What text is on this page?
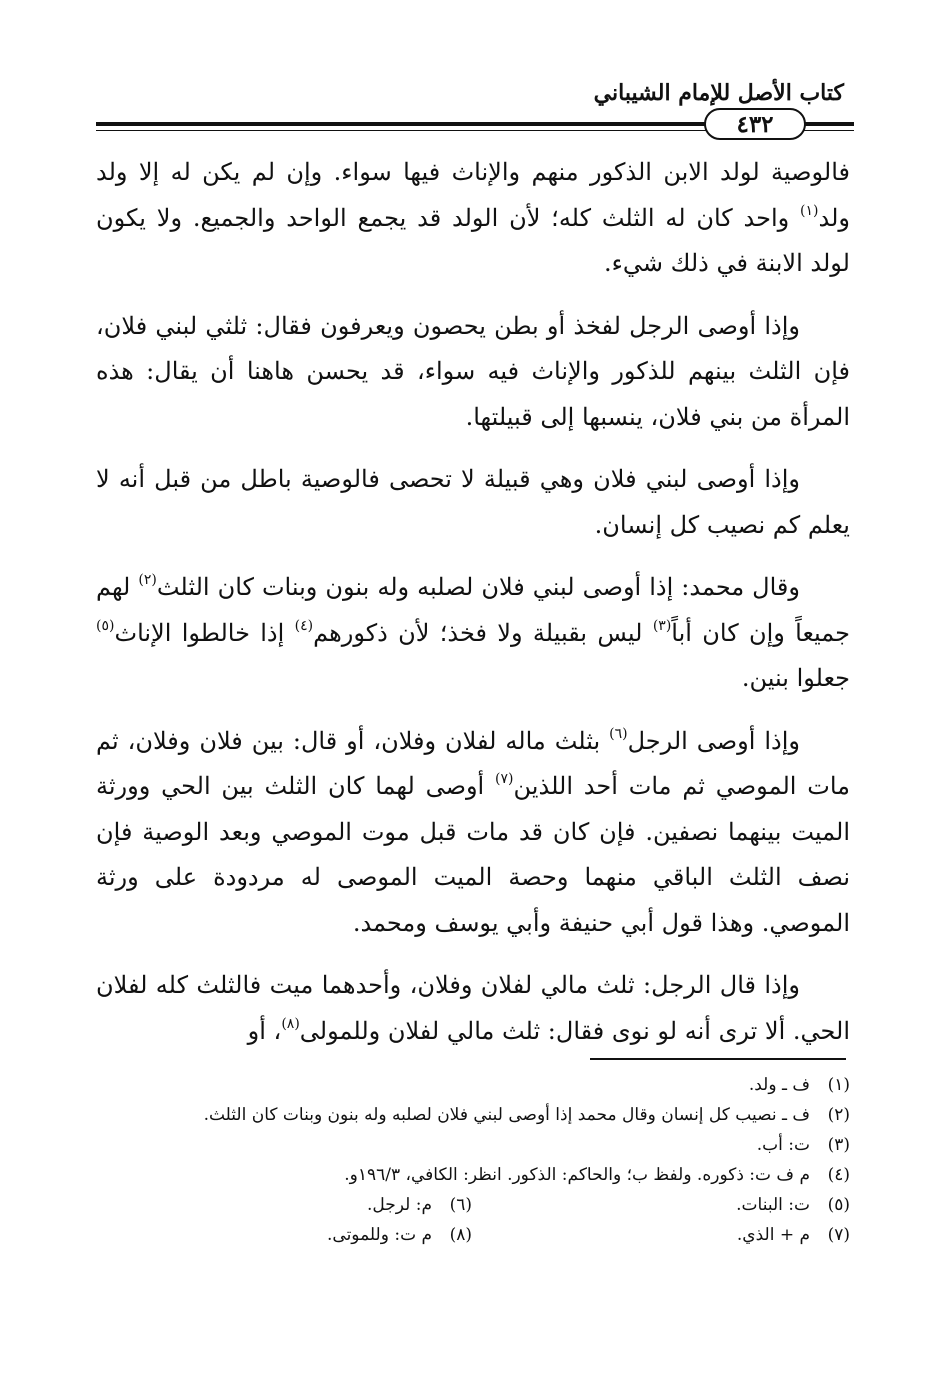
كتاب الأصل للإمام الشيباني
٤٣٢

فالوصية لولد الابن الذكور منهم والإناث فيها سواء. وإن لم يكن له إلا ولد ولد$^{(١)}$ واحد كان له الثلث كله؛ لأن الولد قد يجمع الواحد والجميع. ولا يكون لولد الابنة في ذلك شيء.

وإذا أوصى الرجل لفخذ أو بطن يحصون ويعرفون فقال: ثلثي لبني فلان، فإن الثلث بينهم للذكور والإناث فيه سواء، قد يحسن هاهنا أن يقال: هذه المرأة من بني فلان، ينسبها إلى قبيلتها.

وإذا أوصى لبني فلان وهي قبيلة لا تحصى فالوصية باطل من قبل أنه لا يعلم كم نصيب كل إنسان.

وقال محمد: إذا أوصى لبني فلان لصلبه وله بنون وبنات كان الثلث$^{(٢)}$ لهم جميعاً وإن كان أباً$^{(٣)}$ ليس بقبيلة ولا فخذ؛ لأن ذكورهم$^{(٤)}$ إذا خالطوا الإناث$^{(٥)}$ جعلوا بنين.

وإذا أوصى الرجل$^{(٦)}$ بثلث ماله لفلان وفلان، أو قال: بين فلان وفلان، ثم مات الموصي ثم مات أحد اللذين$^{(٧)}$ أوصى لهما كان الثلث بين الحي وورثة الميت بينهما نصفين. فإن كان قد مات قبل موت الموصي وبعد الوصية فإن نصف الثلث الباقي منهما وحصة الميت الموصى له مردودة على ورثة الموصي. وهذا قول أبي حنيفة وأبي يوسف ومحمد.

وإذا قال الرجل: ثلث مالي لفلان وفلان، وأحدهما ميت فالثلث كله لفلان الحي. ألا ترى أنه لو نوى فقال: ثلث مالي لفلان وللمولى$^{(٨)}$، أو

(١)
ف ـ ولد.
(٢)
ف ـ نصيب كل إنسان وقال محمد إذا أوصى لبني فلان لصلبه وله بنون وبنات كان الثلث.
(٣)
ت: أب.
(٤)
م ف ت: ذكوره. ولفظ ب؛ والحاكم: الذكور. انظر: الكافي، ١٩٦/٣و.
(٥)
ت: البنات.
(٦)
م: لرجل.
(٧)
م + الذي.
(٨)
م ت: وللموتى.
